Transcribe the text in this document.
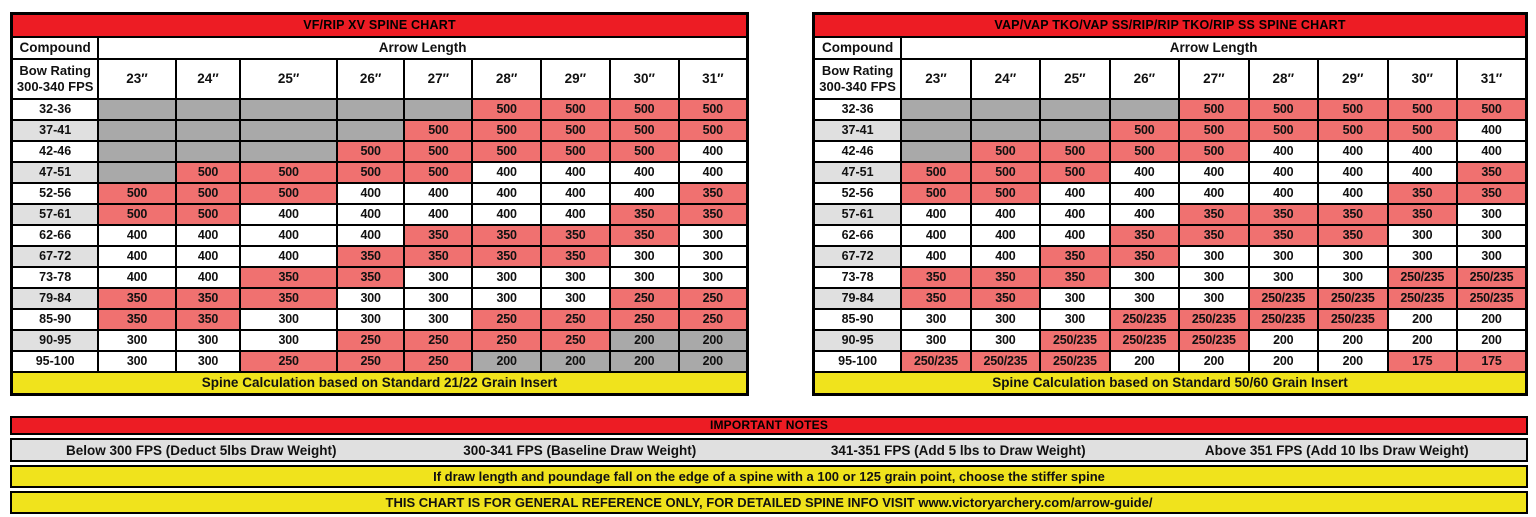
VF/RIP XV SPINE CHART									
Compound	Arrow Length								
Bow Rating
300-340 FPS	23″	24″	25″	26″	27″	28″	29″	30″	31″
32-36						500	500	500	500
37-41					500	500	500	500	500
42-46				500	500	500	500	500	400
47-51		500	500	500	500	400	400	400	400
52-56	500	500	500	400	400	400	400	400	350
57-61	500	500	400	400	400	400	400	350	350
62-66	400	400	400	400	350	350	350	350	300
67-72	400	400	400	350	350	350	350	300	300
73-78	400	400	350	350	300	300	300	300	300
79-84	350	350	350	300	300	300	300	250	250
85-90	350	350	300	300	300	250	250	250	250
90-95	300	300	300	250	250	250	250	200	200
95-100	300	300	250	250	250	200	200	200	200
Spine Calculation based on Standard 21/22 Grain Insert									
VAP/VAP TKO/VAP SS/RIP/RIP TKO/RIP SS SPINE CHART									
Compound	Arrow Length								
Bow Rating
300-340 FPS	23″	24″	25″	26″	27″	28″	29″	30″	31″
32-36					500	500	500	500	500
37-41				500	500	500	500	500	400
42-46		500	500	500	500	400	400	400	400
47-51	500	500	500	400	400	400	400	400	350
52-56	500	500	400	400	400	400	400	350	350
57-61	400	400	400	400	350	350	350	350	300
62-66	400	400	400	350	350	350	350	300	300
67-72	400	400	350	350	300	300	300	300	300
73-78	350	350	350	300	300	300	300	250/235	250/235
79-84	350	350	300	300	300	250/235	250/235	250/235	250/235
85-90	300	300	300	250/235	250/235	250/235	250/235	200	200
90-95	300	300	250/235	250/235	250/235	200	200	200	200
95-100	250/235	250/235	250/235	200	200	200	200	175	175
Spine Calculation based on Standard 50/60 Grain Insert									
IMPORTANT NOTES
Below 300 FPS (Deduct 5lbs Draw Weight)	300-341 FPS (Baseline Draw Weight)	341-351 FPS (Add 5 lbs to Draw Weight)	Above 351 FPS (Add 10 lbs Draw Weight)
If draw length and poundage fall on the edge of a spine with a 100 or 125 grain point, choose the stiffer spine
THIS CHART IS FOR GENERAL REFERENCE ONLY, FOR DETAILED SPINE INFO VISIT www.victoryarchery.com/arrow-guide/
